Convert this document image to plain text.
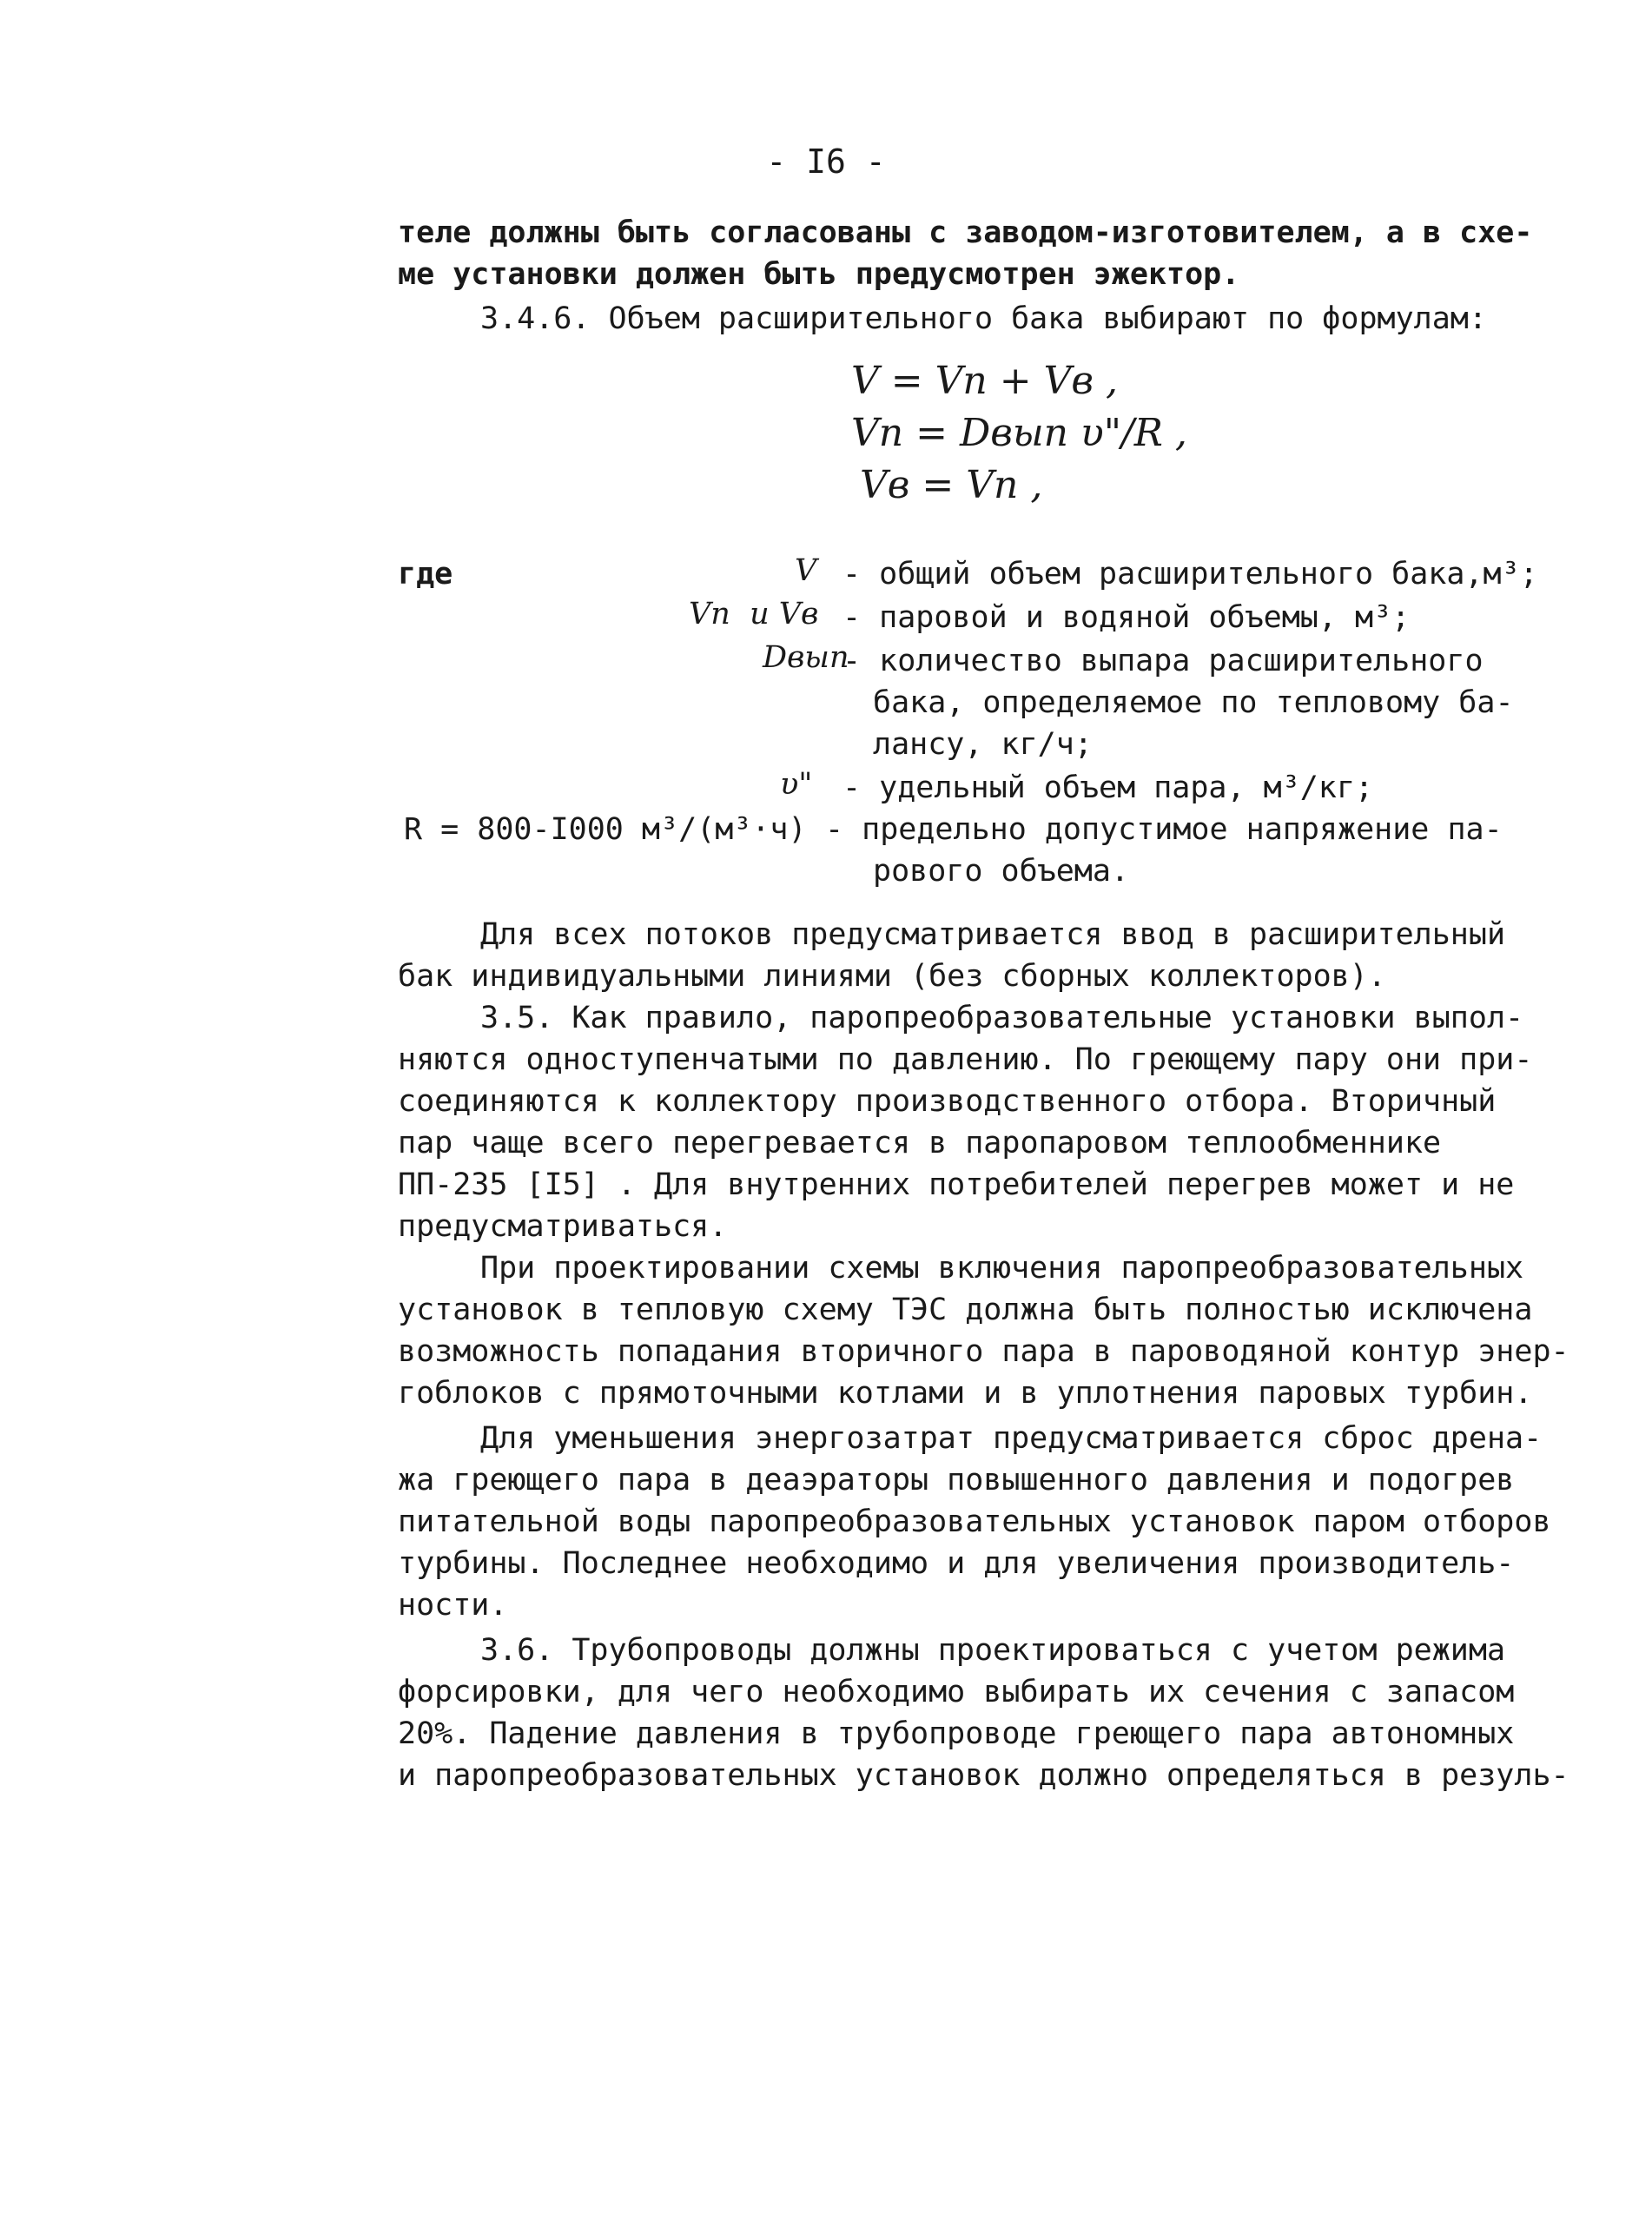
- I6 -
теле должны быть согласованы с заводом-изготовителем, а в схе-
ме установки должен быть предусмотрен эжектор.
3.4.6. Объем расширительного бака выбирают по формулам:
V = Vп + Vв ,
Vп = Dвып υ"/R ,
Vв = Vп ,
где	V - общий объем расширительного бака,м³;
Vп  и Vв - паровой и водяной объемы, м³;
Dвып
- количество выпара расширительного
бака, определяемое по тепловому ба-
лансу, кг/ч;
υ" - удельный объем пара, м³/кг;
R = 800-I000 м³/(м³·ч) - предельно допустимое напряжение па-
рового объема.
Для всех потоков предусматривается ввод в расширительный
бак индивидуальными линиями (без сборных коллекторов).
3.5. Как правило, паропреобразовательные установки выпол-
няются одноступенчатыми по давлению. По греющему пару они при-
соединяются к коллектору производственного отбора. Вторичный
пар чаще всего перегревается в паропаровом теплообменнике
ПП-235 [I5] . Для внутренних потребителей перегрев может и не
предусматриваться.
При проектировании схемы включения паропреобразовательных
установок в тепловую схему ТЭС должна быть полностью исключена
возможность попадания вторичного пара в пароводяной контур энер-
гоблоков с прямоточными котлами и в уплотнения паровых турбин.
Для уменьшения энергозатрат предусматривается сброс дрена-
жа греющего пара в деаэраторы повышенного давления и подогрев
питательной воды паропреобразовательных установок паром отборов
турбины. Последнее необходимо и для увеличения производитель-
ности.
3.6. Трубопроводы должны проектироваться с учетом режима
форсировки, для чего необходимо выбирать их сечения с запасом
20%. Падение давления в трубопроводе греющего пара автономных
и паропреобразовательных установок должно определяться в резуль-
